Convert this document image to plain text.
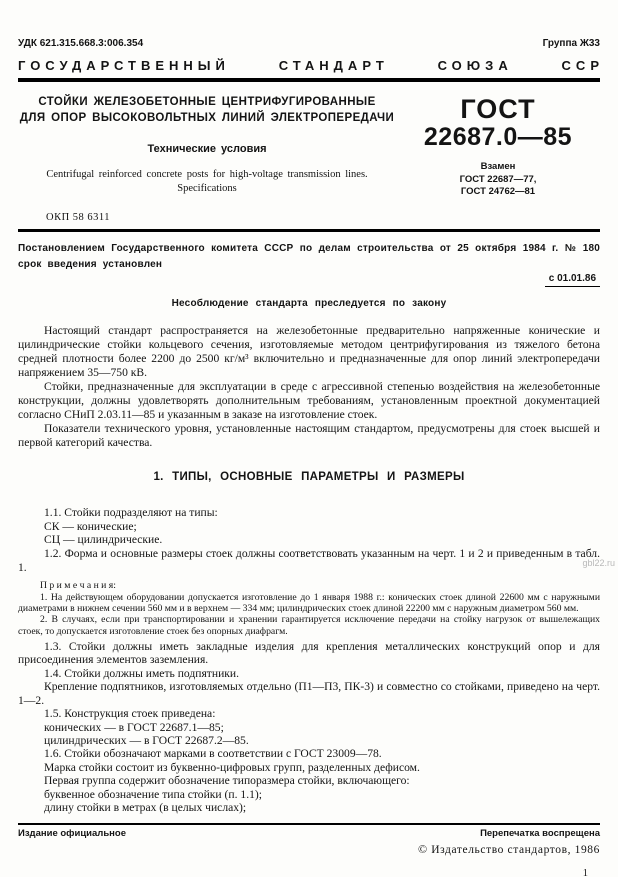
УДК 621.315.668.3:006.354	Группа Ж33
ГОСУДАРСТВЕННЫЙ	СТАНДАРТ	СОЮЗА	ССР
СТОЙКИ ЖЕЛЕЗОБЕТОННЫЕ ЦЕНТРИФУГИРОВАННЫЕ
ДЛЯ ОПОР ВЫСОКОВОЛЬТНЫХ ЛИНИЙ ЭЛЕКТРОПЕРЕДАЧИ
Технические условия
Centrifugal reinforced concrete posts for high-voltage transmission lines.
Specifications
ОКП 58 6311
ГОСТ
22687.0—85
Взамен
ГОСТ 22687—77,
ГОСТ 24762—81
Постановлением Государственного комитета СССР по делам строительства от 25 октября 1984 г. № 180 срок введения установлен
с 01.01.86
Несоблюдение стандарта преследуется по закону

Настоящий стандарт распространяется на железобетонные предварительно напряженные конические и цилиндрические стойки кольцевого сечения, изготовляемые методом центрифугирования из тяжелого бетона средней плотности более 2200 до 2500 кг/м³ включительно и предназначенные для опор линий электропередачи напряжением 35—750 кВ.

Стойки, предназначенные для эксплуатации в среде с агрессивной степенью воздействия на железобетонные конструкции, должны удовлетворять дополнительным требованиям, установленным проектной документацией согласно СНиП 2.03.11—85 и указанным в заказе на изготовление стоек.

Показатели технического уровня, установленные настоящим стандартом, предусмотрены для стоек высшей и первой категорий качества.

1. ТИПЫ, ОСНОВНЫЕ ПАРАМЕТРЫ И РАЗМЕРЫ

1.1. Стойки подразделяют на типы:

СК — конические;

СЦ — цилиндрические.

1.2. Форма и основные размеры стоек должны соответствовать указанным на черт. 1 и 2 и приведенным в табл. 1.

П р и м е ч а н и я:

1. На действующем оборудовании допускается изготовление до 1 января 1988 г.: конических стоек длиной 22600 мм с наружными диаметрами в нижнем сечении 560 мм и в верхнем — 334 мм; цилиндрических стоек длиной 22200 мм с наружным диаметром 560 мм.

2. В случаях, если при транспортировании и хранении гарантируется исключение передачи на стойку нагрузок от вышележащих стоек, то допускается изготовление стоек без опорных диафрагм.

1.3. Стойки должны иметь закладные изделия для крепления металлических конструкций опор и для присоединения элементов заземления.

1.4. Стойки должны иметь подпятники.

Крепление подпятников, изготовляемых отдельно (П1—П3, ПК-3) и совместно со стойками, приведено на черт. 1—2.

1.5. Конструкция стоек приведена:

конических — в ГОСТ 22687.1—85;

цилиндрических — в ГОСТ 22687.2—85.

1.6. Стойки обозначают марками в соответствии с ГОСТ 23009—78.

Марка стойки состоит из буквенно-цифровых групп, разделенных дефисом.

Первая группа содержит обозначение типоразмера стойки, включающего:

буквенное обозначение типа стойки (п. 1.1);

длину стойки в метрах (в целых числах);

Издание официальное	Перепечатка воспрещена
© Издательство стандартов, 1986
1
gbl22.ru
